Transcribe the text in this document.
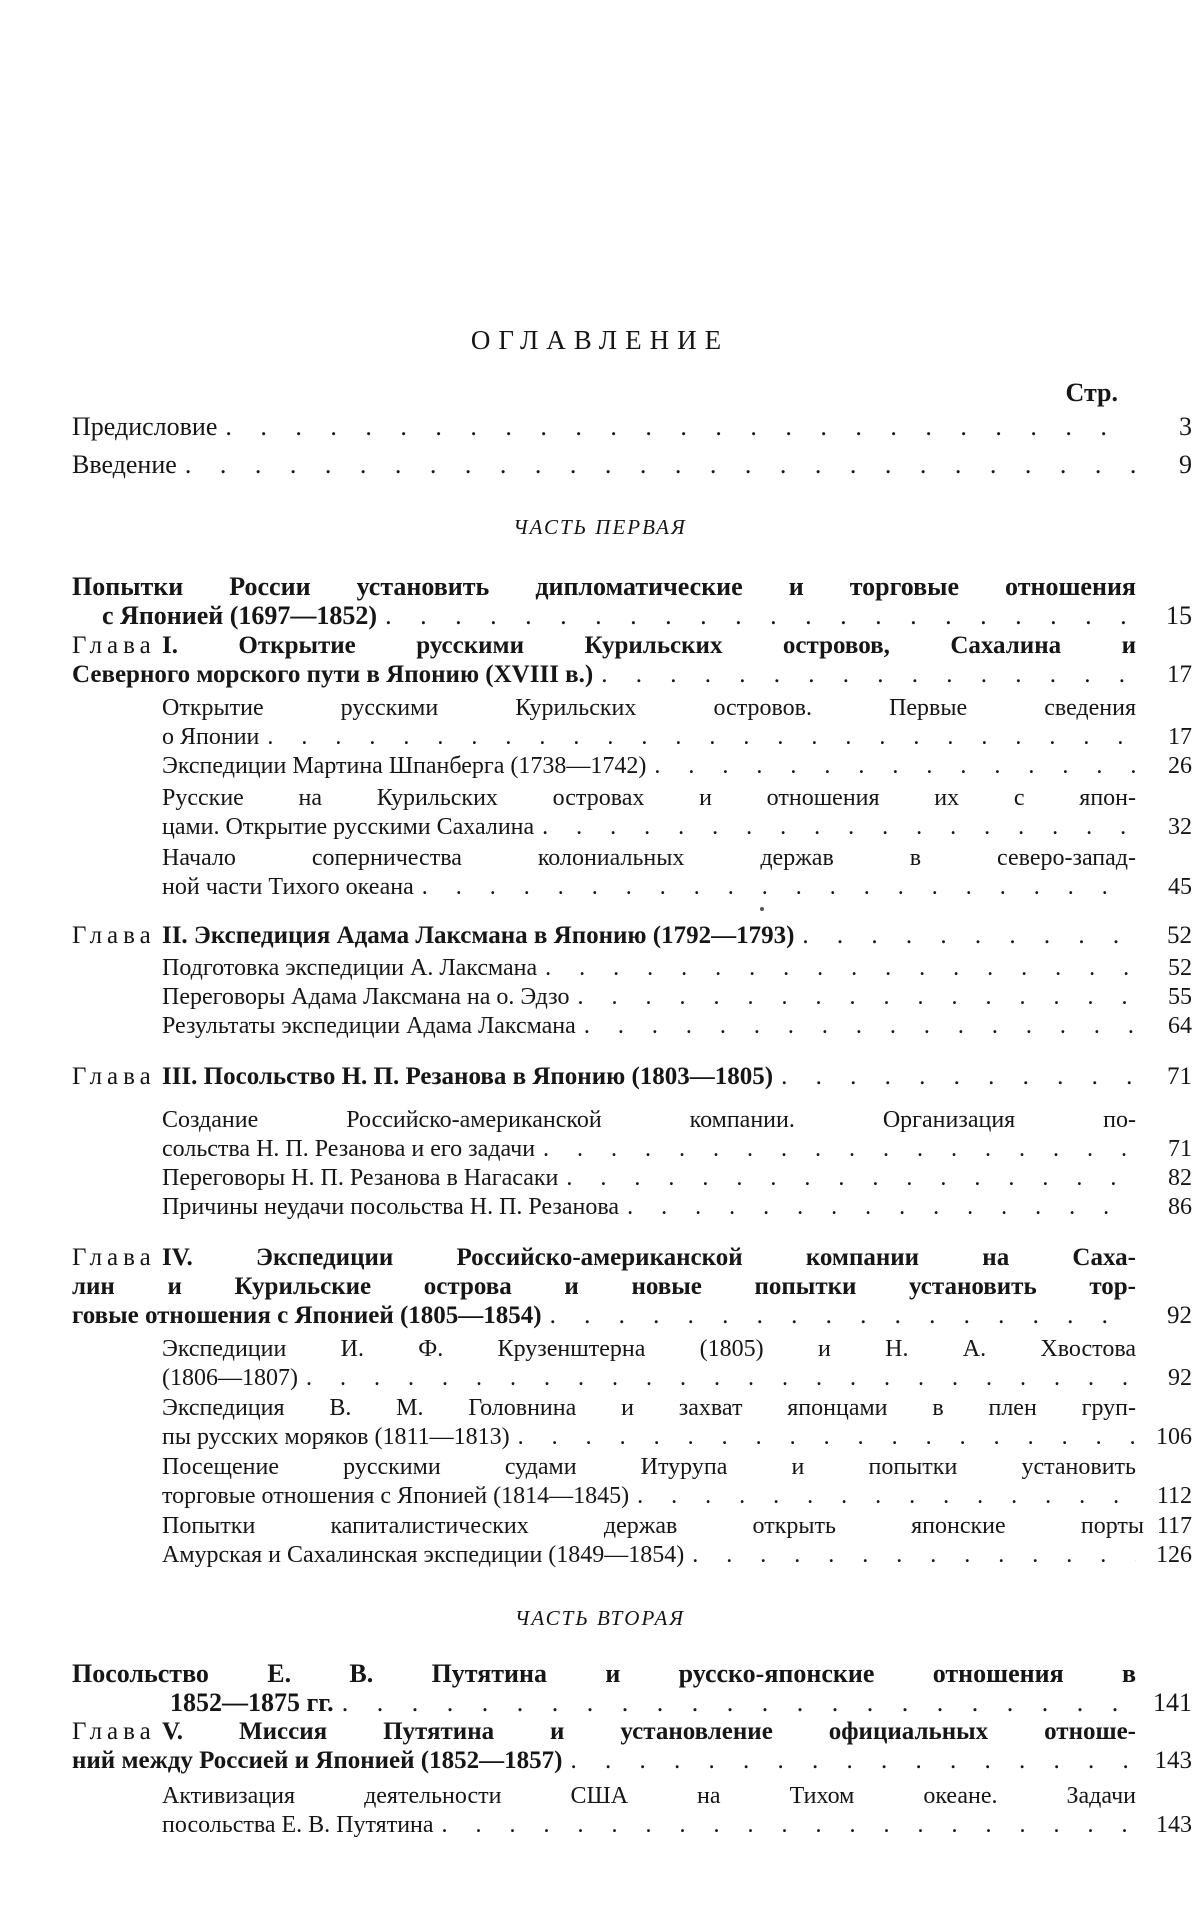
ОГЛАВЛЕНИЕ
Стр.
Предисловие . . .	3
Введение . . .	9
ЧАСТЬ ПЕРВАЯ
Попытки России установить дипломатические и торговые отношения
с Японией (1697—1852) . . .	15
Глава
I. Открытие русскими Курильских островов, Сахалина и
Северного морского пути в Японию (XVIII в.) . . .	17
Открытие русскими Курильских островов. Первые сведения
о Японии . . .	17
Экспедиции Мартина Шпанберга (1738—1742) . . .	26
Русские на Курильских островах и отношения их с япон-
цами. Открытие русскими Сахалина . . .	32
Начало соперничества колониальных держав в северо-запад-
ной части Тихого океана . . .	45
Глава
II. Экспедиция Адама Лаксмана в Японию (1792—1793) . . .	52
Подготовка экспедиции А. Лаксмана . . .	52
Переговоры Адама Лаксмана на о. Эдзо . . .	55
Результаты экспедиции Адама Лаксмана . . .	64
Глава
III. Посольство Н. П. Резанова в Японию (1803—1805) . . .	71
Создание Российско-американской компании. Организация по-
сольства Н. П. Резанова и его задачи . . .	71
Переговоры Н. П. Резанова в Нагасаки . . .	82
Причины неудачи посольства Н. П. Резанова . . .	86
Глава
IV. Экспедиции Российско-американской компании на Саха-
лин и Курильские острова и новые попытки установить тор-
говые отношения с Японией (1805—1854) . . .	92
Экспедиции И. Ф. Крузенштерна (1805) и Н. А. Хвостова
(1806—1807) . . .	92
Экспедиция В. М. Головнина и захват японцами в плен груп-
пы русских моряков (1811—1813) . . .	106
Посещение русскими судами Итурупа и попытки установить
торговые отношения с Японией (1814—1845) . . .	112
Попытки капиталистических держав открыть японские порты 117
Амурская и Сахалинская экспедиции (1849—1854) . . .	126
ЧАСТЬ ВТОРАЯ
Посольство Е. В. Путятина и русско-японские отношения в
1852—1875 гг. . . .	141
Глава
V. Миссия Путятина и установление официальных отноше-
ний между Россией и Японией (1852—1857) . . .	143
Активизация деятельности США на Тихом океане. Задачи
посольства Е. В. Путятина . . .	143
